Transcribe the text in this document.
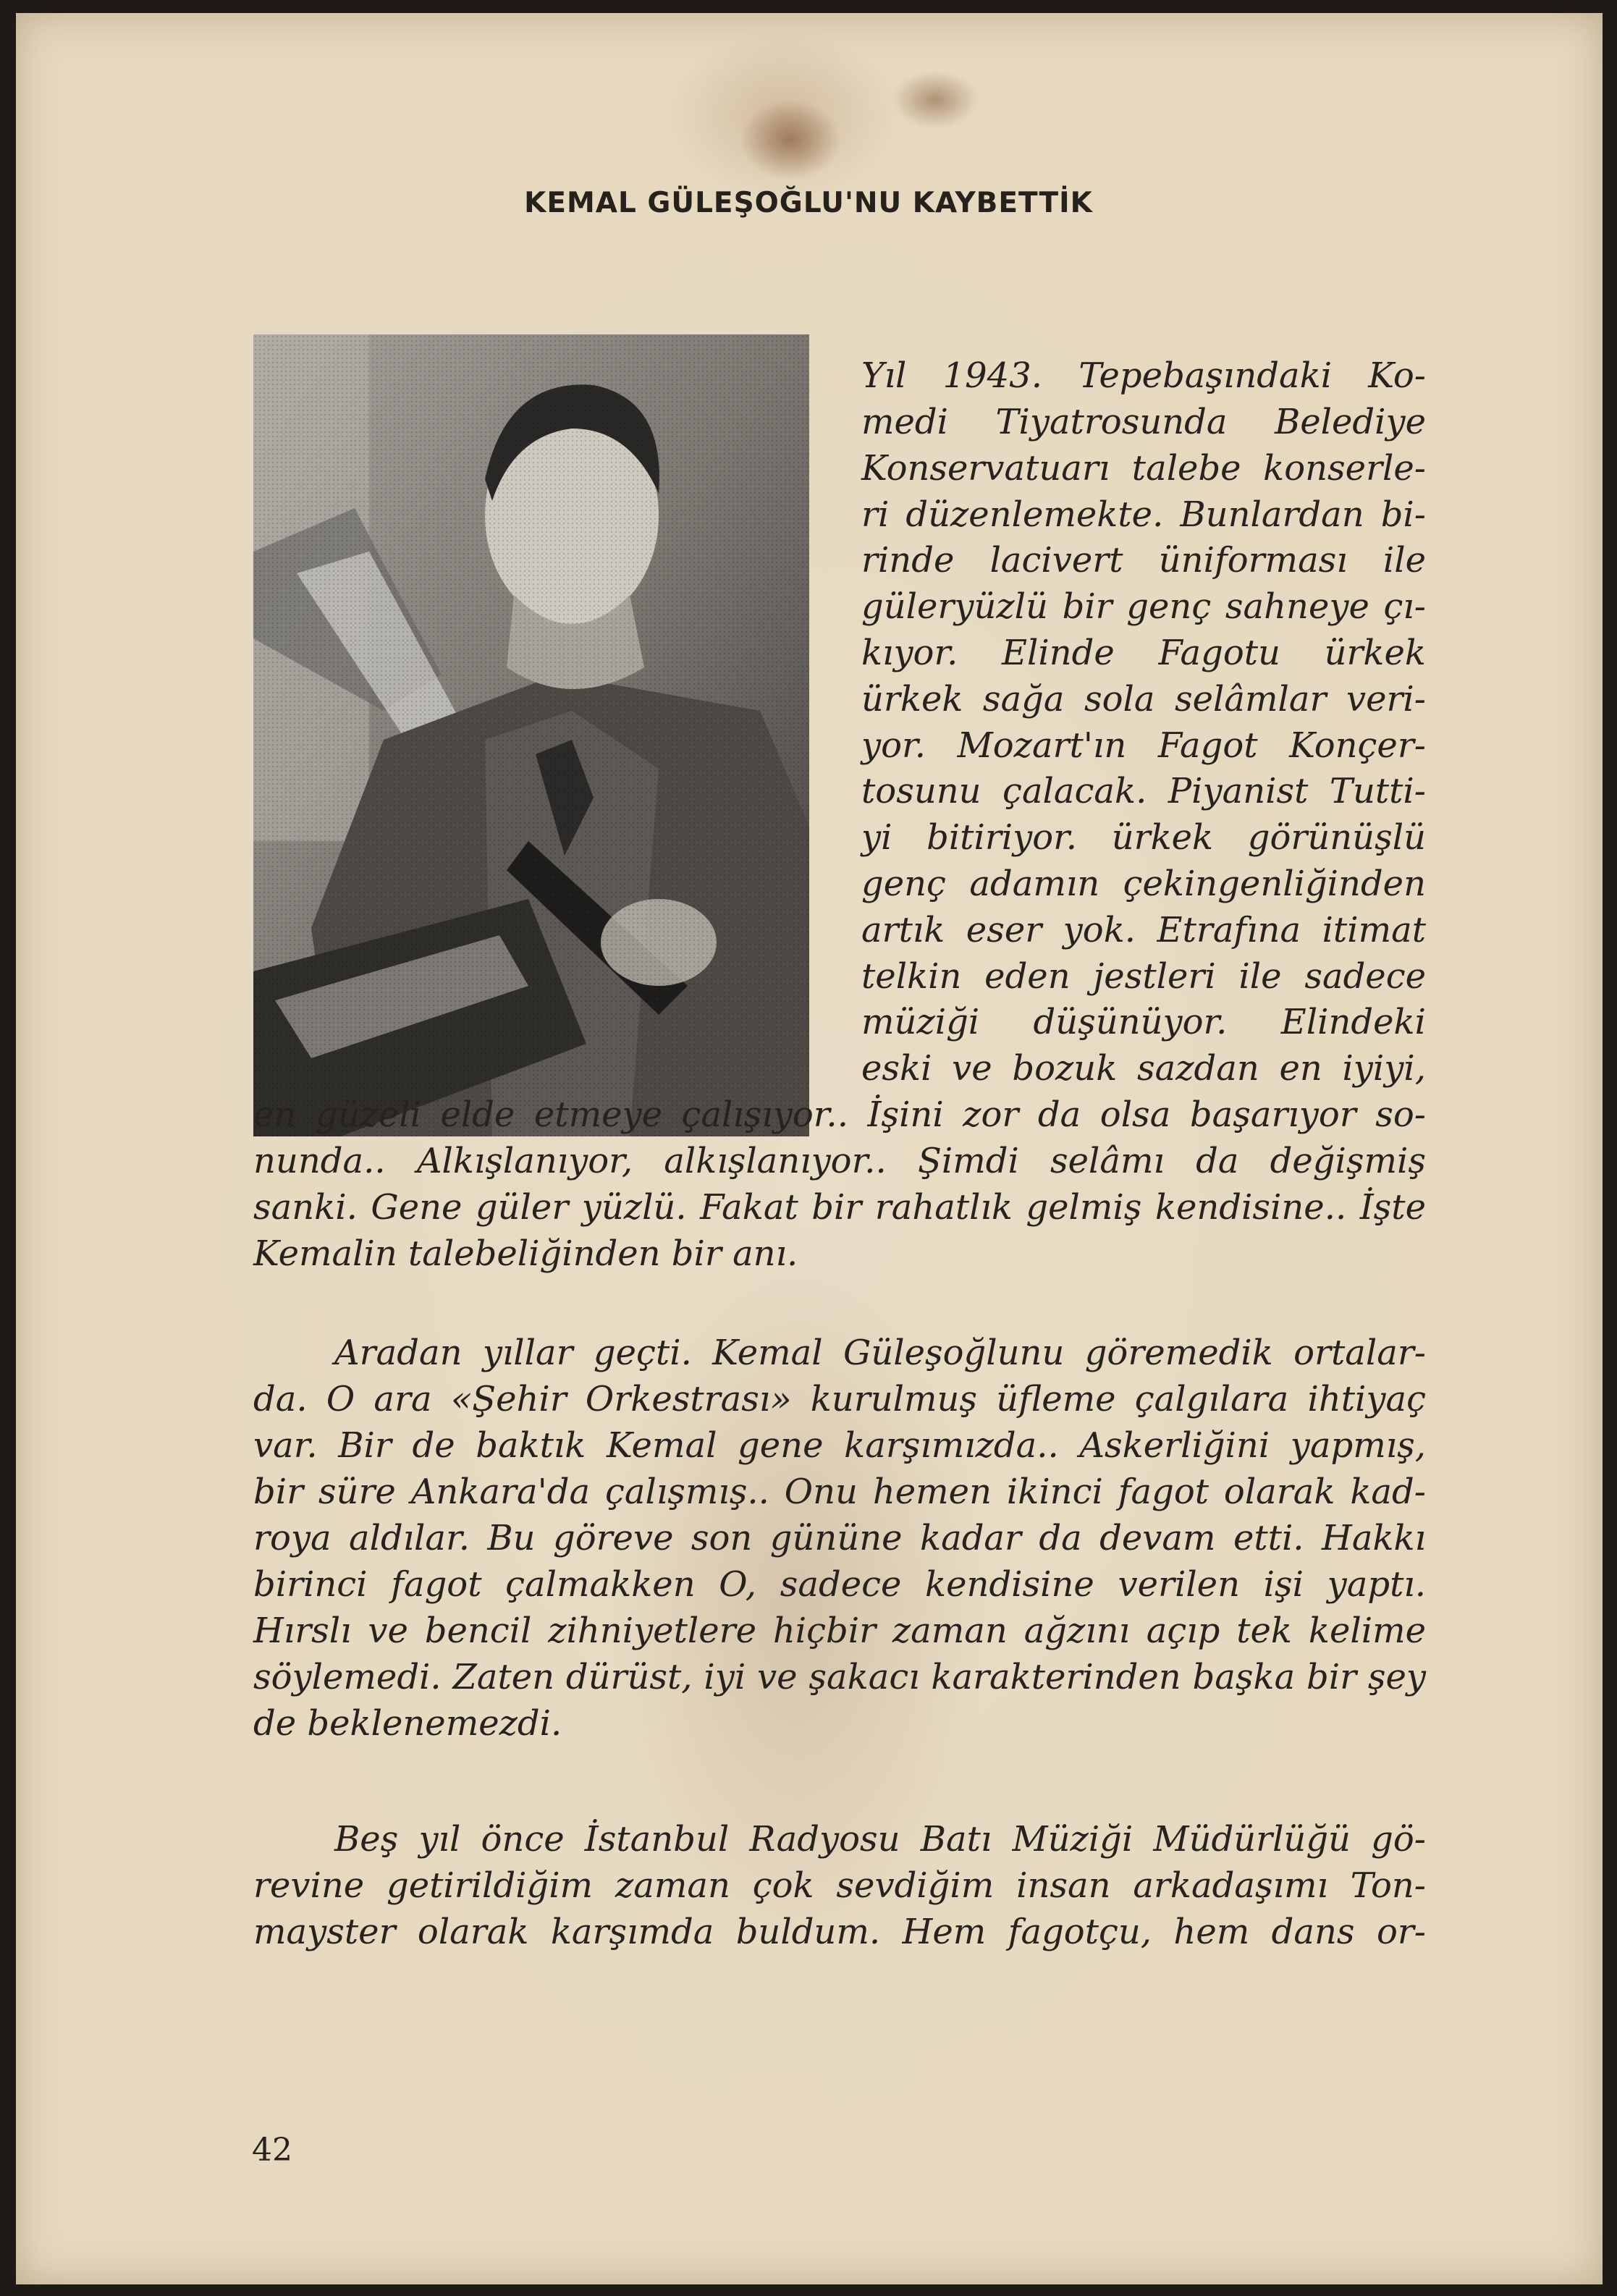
KEMAL GÜLEŞOĞLU'NU KAYBETTİK
Yıl 1943. Tepebaşındaki Ko-
medi Tiyatrosunda Belediye
Konservatuarı talebe konserle-
ri düzenlemekte. Bunlardan bi-
rinde lacivert üniforması ile
güleryüzlü bir genç sahneye çı-
kıyor. Elinde Fagotu ürkek
ürkek sağa sola selâmlar veri-
yor. Mozart'ın Fagot Konçer-
tosunu çalacak. Piyanist Tutti-
yi bitiriyor. ürkek görünüşlü
genç adamın çekingenliğinden
artık eser yok. Etrafına itimat
telkin eden jestleri ile sadece
müziği düşünüyor. Elindeki
eski ve bozuk sazdan en iyiyi,
en güzeli elde etmeye çalışıyor.. İşini zor da olsa başarıyor so-
nunda.. Alkışlanıyor, alkışlanıyor.. Şimdi selâmı da değişmiş
sanki. Gene güler yüzlü. Fakat bir rahatlık gelmiş kendisine.. İşte
Kemalin talebeliğinden bir anı.
Aradan yıllar geçti. Kemal Güleşoğlunu göremedik ortalar-
da. O ara «Şehir Orkestrası» kurulmuş üfleme çalgılara ihtiyaç
var. Bir de baktık Kemal gene karşımızda.. Askerliğini yapmış,
bir süre Ankara'da çalışmış.. Onu hemen ikinci fagot olarak kad-
roya aldılar. Bu göreve son gününe kadar da devam etti. Hakkı
birinci fagot çalmakken O, sadece kendisine verilen işi yaptı.
Hırslı ve bencil zihniyetlere hiçbir zaman ağzını açıp tek kelime
söylemedi. Zaten dürüst, iyi ve şakacı karakterinden başka bir şey
de beklenemezdi.
Beş yıl önce İstanbul Radyosu Batı Müziği Müdürlüğü gö-
revine getirildiğim zaman çok sevdiğim insan arkadaşımı Ton-
mayster olarak karşımda buldum. Hem fagotçu, hem dans or-
42
